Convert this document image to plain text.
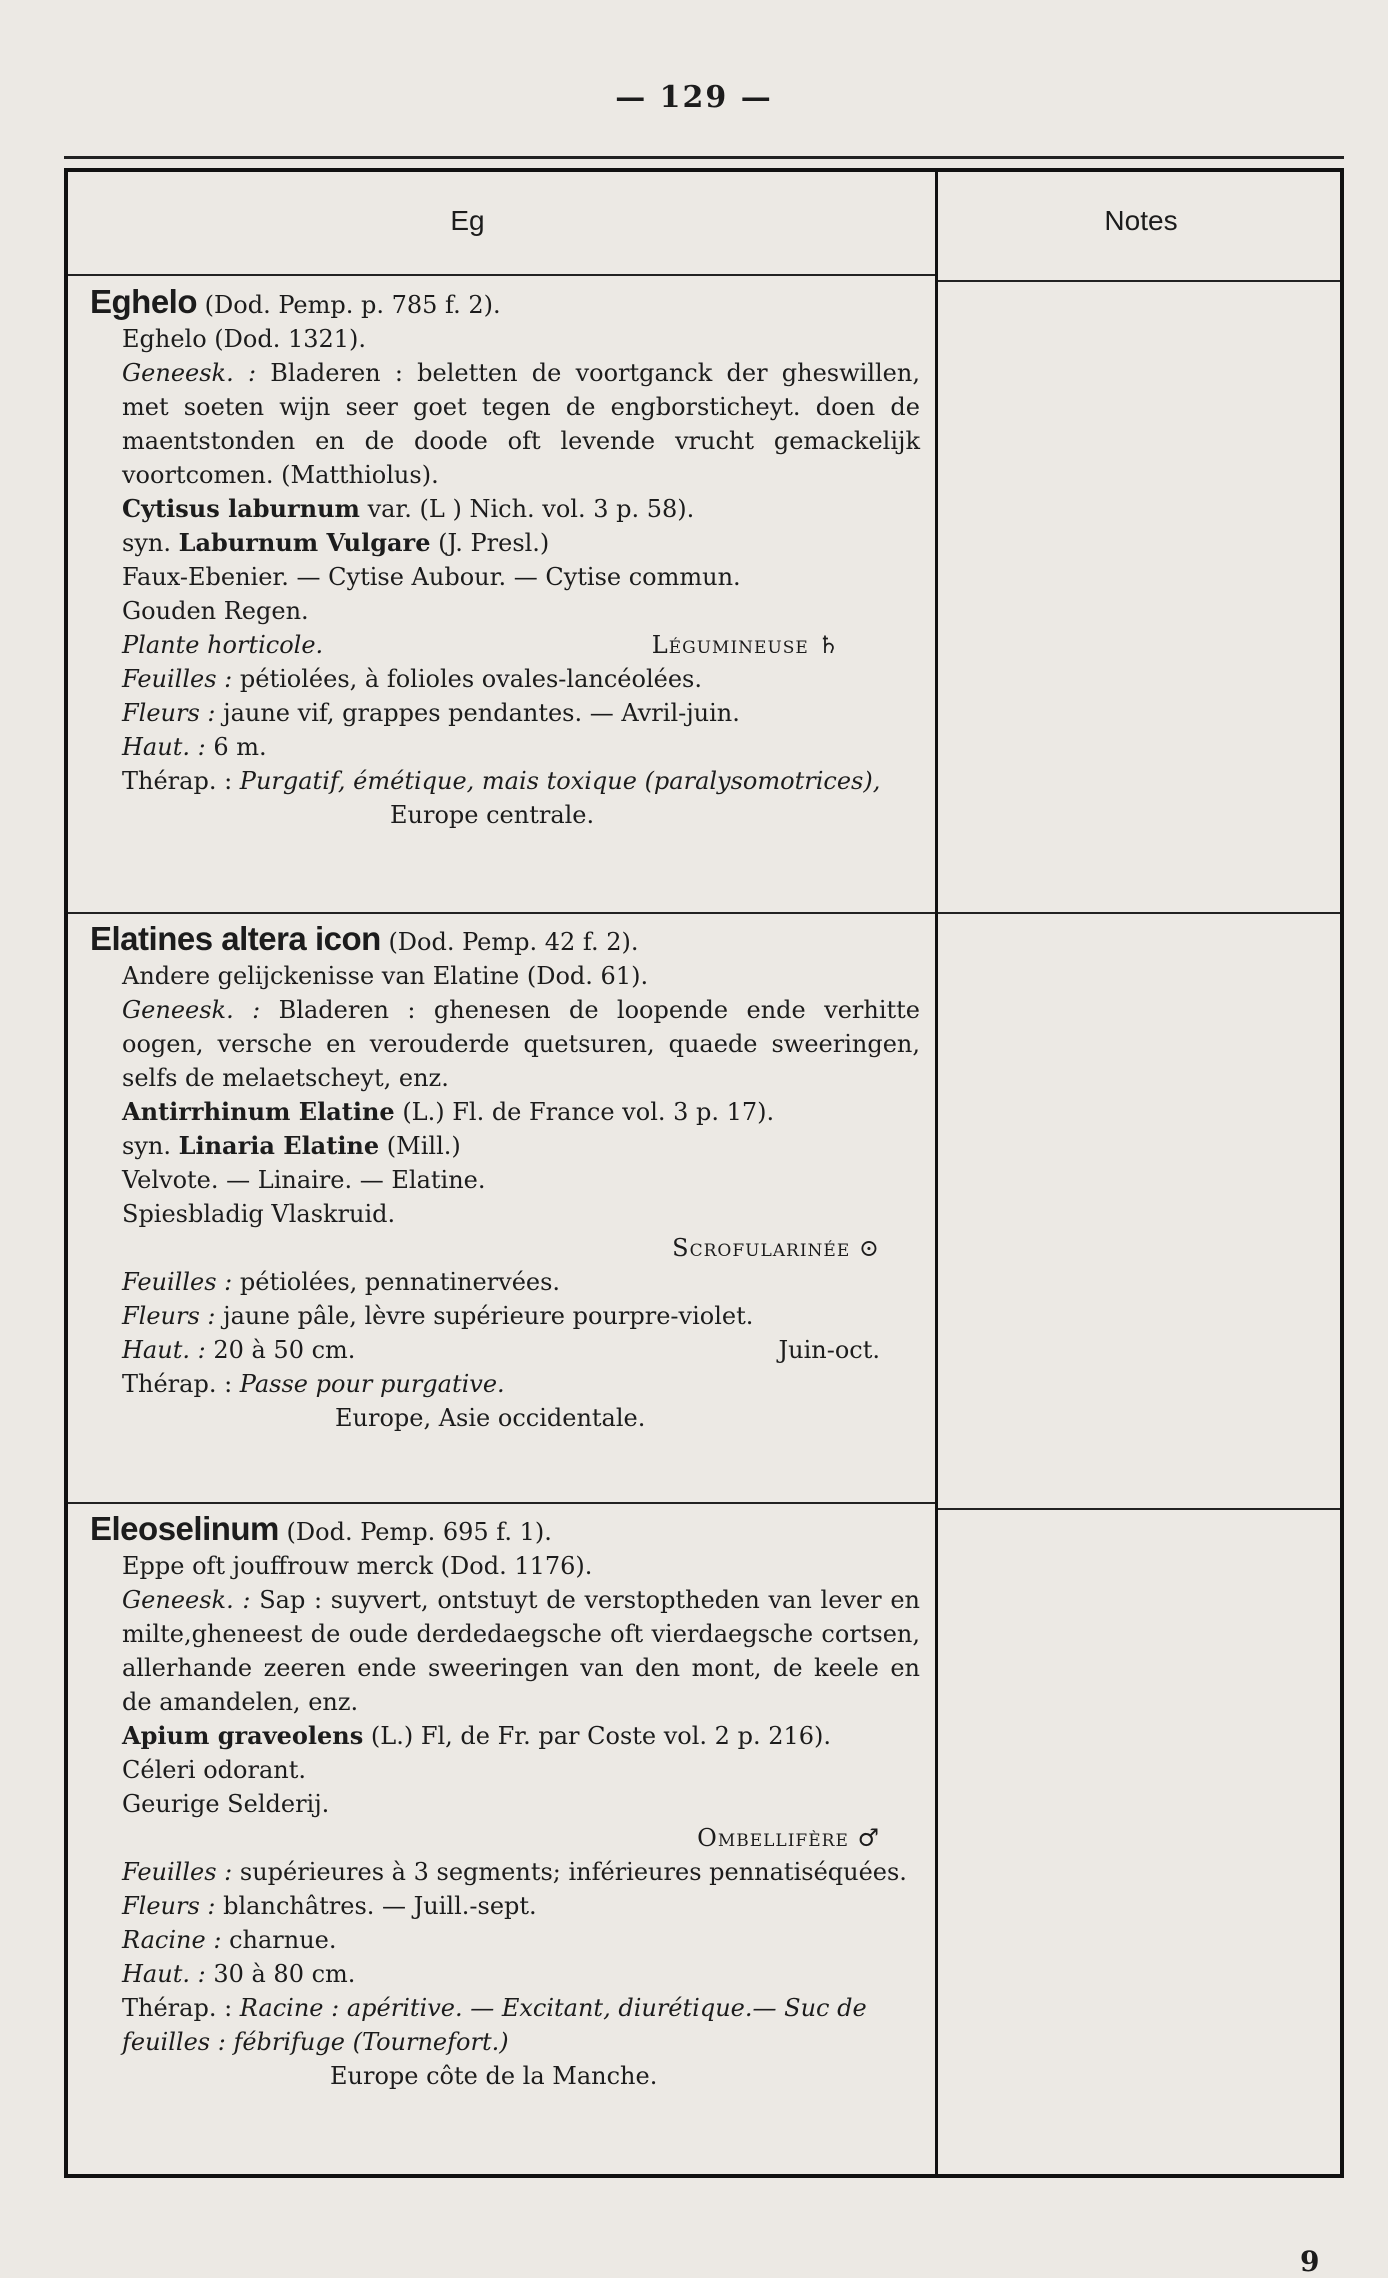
— 129 —
Eg	Notes

Eghelo (Dod. Pemp. p. 785 f. 2).

Eghelo (Dod. 1321).

Geneesk. : Bladeren : beletten de voortganck der gheswillen, met soeten wijn seer goet tegen de engborsticheyt. doen de maentstonden en de doode oft levende vrucht gemackelijk voortcomen. (Matthiolus).

Cytisus laburnum var. (L ) Nich. vol. 3 p. 58).

syn. Laburnum Vulgare (J. Presl.)

Faux-Ebenier. — Cytise Aubour. — Cytise commun.

Gouden Regen.

Plante horticole.	Légumineuse ♄

Feuilles : pétiolées, à folioles ovales-lancéolées.

Fleurs : jaune vif, grappes pendantes. — Avril-juin.

Haut. : 6 m.

Thérap. : Purgatif, émétique, mais toxique (paralysomotrices),

Europe centrale.

Elatines altera icon (Dod. Pemp. 42 f. 2).

Andere gelijckenisse van Elatine (Dod. 61).

Geneesk. : Bladeren : ghenesen de loopende ende verhitte oogen, versche en verouderde quetsuren, quaede sweeringen, selfs de melaetscheyt, enz.

Antirrhinum Elatine (L.) Fl. de France vol. 3 p. 17).

syn. Linaria Elatine (Mill.)

Velvote. — Linaire. — Elatine.

Spiesbladig Vlaskruid.

Scrofularinée ⊙

Feuilles : pétiolées, pennatinervées.

Fleurs : jaune pâle, lèvre supérieure pourpre-violet.

Haut. : 20 à 50 cm.	Juin-oct.

Thérap. : Passe pour purgative.

Europe, Asie occidentale.

Eleoselinum (Dod. Pemp. 695 f. 1).

Eppe oft jouffrouw merck (Dod. 1176).

Geneesk. : Sap : suyvert, ontstuyt de verstoptheden van lever en milte,gheneest de oude derdedaegsche oft vierdaegsche cortsen, allerhande zeeren ende sweeringen van den mont, de keele en de amandelen, enz.

Apium graveolens (L.) Fl, de Fr. par Coste vol. 2 p. 216).

Céleri odorant.

Geurige Selderij.

Ombellifère ♂

Feuilles : supérieures à 3 segments; inférieures pennatiséquées.

Fleurs : blanchâtres. — Juill.-sept.

Racine : charnue.

Haut. : 30 à 80 cm.

Thérap. : Racine : apéritive. — Excitant, diurétique.— Suc de feuilles : fébrifuge (Tournefort.)

Europe côte de la Manche.

9
